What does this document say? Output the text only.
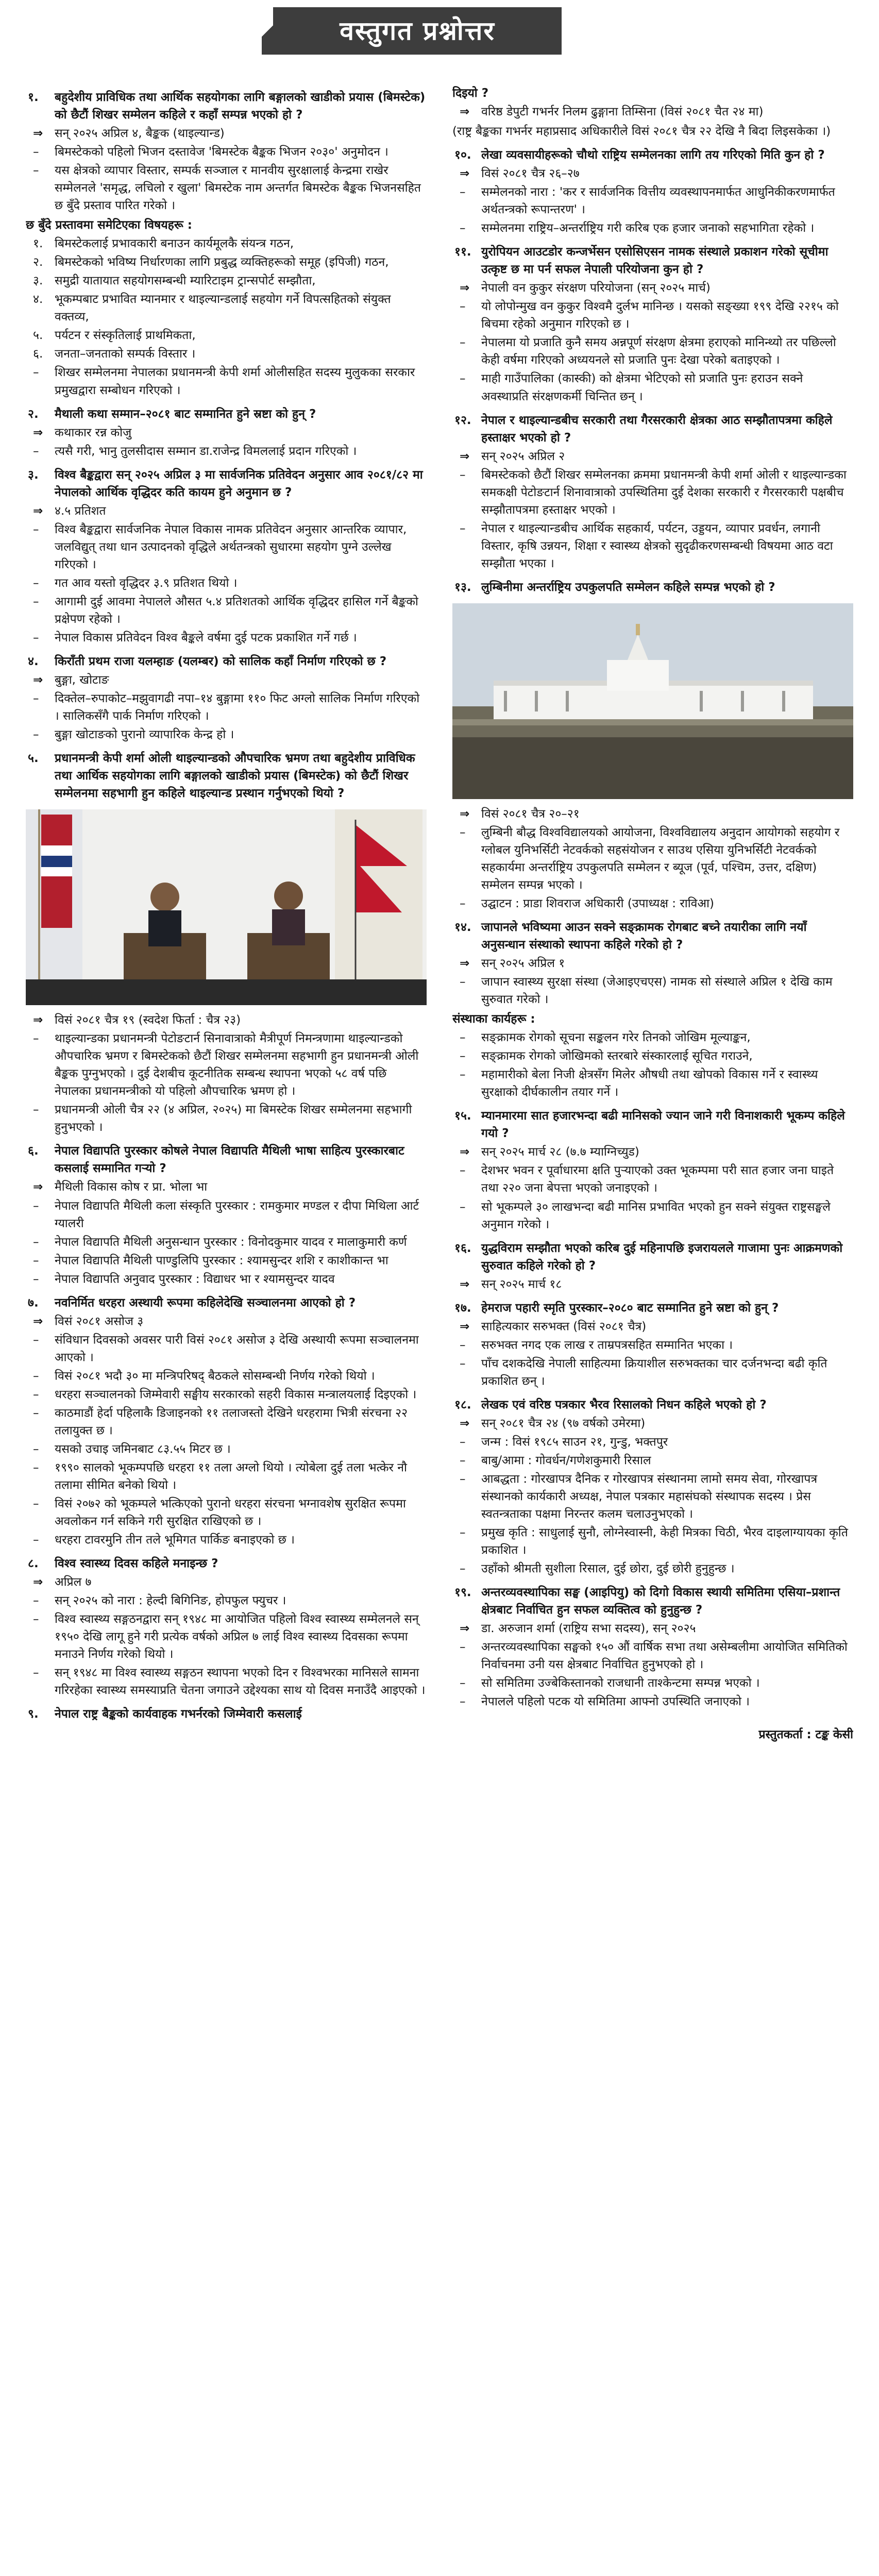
वस्तुगत प्रश्नोत्तर
१. बहुदेशीय प्राविधिक तथा आर्थिक सहयोगका लागि बङ्गालको खाडीको प्रयास (बिमस्टेक) को छैटौं शिखर सम्मेलन कहिले र कहाँ सम्पन्न भएको हो ?
⇒ सन् २०२५ अप्रिल ४, बैङ्कक (थाइल्यान्ड)
– बिमस्टेकको पहिलो भिजन दस्तावेज 'बिमस्टेक बैङ्कक भिजन २०३०' अनुमोदन ।
– यस क्षेत्रको व्यापार विस्तार, सम्पर्क सञ्जाल र मानवीय सुरक्षालाई केन्द्रमा राखेर सम्मेलनले 'समृद्ध, लचिलो र खुला' बिमस्टेक नाम अन्तर्गत बिमस्टेक बैङ्कक भिजनसहित छ बुँदे प्रस्ताव पारित गरेको ।
छ बुँदे प्रस्तावमा समेटिएका विषयहरू :
१. बिमस्टेकलाई प्रभावकारी बनाउन कार्यमूलकै संयन्त्र गठन,
२. बिमस्टेकको भविष्य निर्धारणका लागि प्रबुद्ध व्यक्तिहरूको समूह (इपिजी) गठन,
३. समुद्री यातायात सहयोगसम्बन्धी म्यारिटाइम ट्रान्सपोर्ट सम्झौता,
४. भूकम्पबाट प्रभावित म्यानमार र थाइल्यान्डलाई सहयोग गर्ने विपत्सहितको संयुक्त वक्तव्य,
५. पर्यटन र संस्कृतिलाई प्राथमिकता,
६. जनता–जनताको सम्पर्क विस्तार ।
– शिखर सम्मेलनमा नेपालका प्रधानमन्त्री केपी शर्मा ओलीसहित सदस्य मुलुकका सरकार प्रमुखद्वारा सम्बोधन गरिएको ।
२. मैथाली कथा सम्मान–२०८१ बाट सम्मानित हुने स्रष्टा को हुन् ?
⇒ कथाकार रन्न कोजु
– त्यसै गरी, भानु तुलसीदास सम्मान डा.राजेन्द्र विमललाई प्रदान गरिएको ।
३. विश्व बैङ्कद्वारा सन् २०२५ अप्रिल ३ मा सार्वजनिक प्रतिवेदन अनुसार आव २०८१/८२ मा नेपालको आर्थिक वृद्धिदर कति कायम हुने अनुमान छ ?
⇒ ४.५ प्रतिशत
– विश्व बैङ्कद्वारा सार्वजनिक नेपाल विकास नामक प्रतिवेदन अनुसार आन्तरिक व्यापार, जलविद्युत् तथा धान उत्पादनको वृद्धिले अर्थतन्त्रको सुधारमा सहयोग पुग्ने उल्लेख गरिएको ।
– गत आव यस्तो वृद्धिदर ३.९ प्रतिशत थियो ।
– आगामी दुई आवमा नेपालले औसत ५.४ प्रतिशतको आर्थिक वृद्धिदर हासिल गर्ने बैङ्कको प्रक्षेपण रहेको ।
– नेपाल विकास प्रतिवेदन विश्व बैङ्कले वर्षमा दुई पटक प्रकाशित गर्ने गर्छ ।
४. किराँती प्रथम राजा यलम्हाङ (यलम्बर) को सालिक कहाँ निर्माण गरिएको छ ?
⇒ बुङ्गा, खोटाङ
– दिक्तेल–रुपाकोट–मझुवागढी नपा–१४ बुङ्गामा ११० फिट अग्लो सालिक निर्माण गरिएको । सालिकसँगै पार्क निर्माण गरिएको ।
– बुङ्गा खोटाङको पुरानो व्यापारिक केन्द्र हो ।
५. प्रधानमन्त्री केपी शर्मा ओली थाइल्यान्डको औपचारिक भ्रमण तथा बहुदेशीय प्राविधिक तथा आर्थिक सहयोगका लागि बङ्गालको खाडीको प्रयास (बिमस्टेक) को छैटौं शिखर सम्मेलनमा सहभागी हुन कहिले थाइल्यान्ड प्रस्थान गर्नुभएको थियो ?
⇒ विसं २०८१ चैत्र १९ (स्वदेश फिर्ता : चैत्र २३)
– थाइल्यान्डका प्रधानमन्त्री पेटोङटार्न सिनावात्राको मैत्रीपूर्ण निमन्त्रणामा थाइल्यान्डको औपचारिक भ्रमण र बिमस्टेकको छैटौं शिखर सम्मेलनमा सहभागी हुन प्रधानमन्त्री ओली बैङ्कक पुग्नुभएको । दुई देशबीच कूटनीतिक सम्बन्ध स्थापना भएको ५८ वर्ष पछि नेपालका प्रधानमन्त्रीको यो पहिलो औपचारिक भ्रमण हो ।
– प्रधानमन्त्री ओली चैत्र २२ (४ अप्रिल, २०२५) मा बिमस्टेक शिखर सम्मेलनमा सहभागी हुनुभएको ।
६. नेपाल विद्यापति पुरस्कार कोषले नेपाल विद्यापति मैथिली भाषा साहित्य पुरस्कारबाट कसलाई सम्मानित गऱ्यो ?
⇒ मैथिली विकास कोष र प्रा. भोला भा
– नेपाल विद्यापति मैथिली कला संस्कृति पुरस्कार : रामकुमार मण्डल र दीपा मिथिला आर्ट ग्यालरी
– नेपाल विद्यापति मैथिली अनुसन्धान पुरस्कार : विनोदकुमार यादव र मालाकुमारी कर्ण
– नेपाल विद्यापति मैथिली पाण्डुलिपि पुरस्कार : श्यामसुन्दर शशि र काशीकान्त भा
– नेपाल विद्यापति अनुवाद पुरस्कार : विद्याधर भा र श्यामसुन्दर यादव
७. नवनिर्मित धरहरा अस्थायी रूपमा कहिलेदेखि सञ्चालनमा आएको हो ?
⇒ विसं २०८१ असोज ३
– संविधान दिवसको अवसर पारी विसं २०८१ असोज ३ देखि अस्थायी रूपमा सञ्चालनमा आएको ।
– विसं २०८१ भदौ ३० मा मन्त्रिपरिषद् बैठकले सोसम्बन्धी निर्णय गरेको थियो ।
– धरहरा सञ्चालनको जिम्मेवारी सङ्घीय सरकारको सहरी विकास मन्त्रालयलाई दिइएको ।
– काठमाडौं हेर्दा पहिलाकै डिजाइनको ११ तलाजस्तो देखिने धरहरामा भित्री संरचना २२ तलायुक्त छ ।
– यसको उचाइ जमिनबाट ८३.५५ मिटर छ ।
– १९९० सालको भूकम्पपछि धरहरा ११ तला अग्लो थियो । त्योबेला दुई तला भत्केर नौ तलामा सीमित बनेको थियो ।
– विसं २०७२ को भूकम्पले भत्किएको पुरानो धरहरा संरचना भग्नावशेष सुरक्षित रूपमा अवलोकन गर्न सकिने गरी सुरक्षित राखिएको छ ।
– धरहरा टावरमुनि तीन तले भूमिगत पार्किङ बनाइएको छ ।
८. विश्व स्वास्थ्य दिवस कहिले मनाइन्छ ?
⇒ अप्रिल ७
– सन् २०२५ को नारा : हेल्दी बिगिनिङ, होपफुल फ्युचर ।
– विश्व स्वास्थ्य सङ्गठनद्वारा सन् १९४८ मा आयोजित पहिलो विश्व स्वास्थ्य सम्मेलनले सन् १९५० देखि लागू हुने गरी प्रत्येक वर्षको अप्रिल ७ लाई विश्व स्वास्थ्य दिवसका रूपमा मनाउने निर्णय गरेको थियो ।
– सन् १९४८ मा विश्व स्वास्थ्य सङ्गठन स्थापना भएको दिन र विश्वभरका मानिसले सामना गरिरहेका स्वास्थ्य समस्याप्रति चेतना जगाउने उद्देश्यका साथ यो दिवस मनाउँदै आइएको ।
९. नेपाल राष्ट्र बैङ्कको कार्यवाहक गभर्नरको जिम्मेवारी कसलाई
दिइयो ?
⇒ वरिष्ठ डेपुटी गभर्नर निलम ढुङ्गाना तिम्सिना (विसं २०८१ चैत २४ मा)
(राष्ट्र बैङ्कका गभर्नर महाप्रसाद अधिकारीले विसं २०८१ चैत्र २२ देखि नै बिदा लिइसकेका ।)
१०. लेखा व्यवसायीहरूको चौथो राष्ट्रिय सम्मेलनका लागि तय गरिएको मिति कुन हो ?
⇒ विसं २०८१ चैत्र २६–२७
– सम्मेलनको नारा : 'कर र सार्वजनिक वित्तीय व्यवस्थापनमार्फत आधुनिकीकरणमार्फत अर्थतन्त्रको रूपान्तरण' ।
– सम्मेलनमा राष्ट्रिय–अन्तर्राष्ट्रिय गरी करिब एक हजार जनाको सहभागिता रहेको ।
११. युरोपियन आउटडोर कन्जर्भेसन एसोसिएसन नामक संस्थाले प्रकाशन गरेको सूचीमा उत्कृष्ट छ मा पर्न सफल नेपाली परियोजना कुन हो ?
⇒ नेपाली वन कुकुर संरक्षण परियोजना (सन् २०२५ मार्च)
– यो लोपोन्मुख वन कुकुर विश्वमै दुर्लभ मानिन्छ । यसको सङ्ख्या १९९ देखि २२१५ को बिचमा रहेको अनुमान गरिएको छ ।
– नेपालमा यो प्रजाति कुनै समय अन्नपूर्ण संरक्षण क्षेत्रमा हराएको मानिन्थ्यो तर पछिल्लो केही वर्षमा गरिएको अध्ययनले सो प्रजाति पुनः देखा परेको बताइएको ।
– माही गाउँपालिका (कास्की) को क्षेत्रमा भेटिएको सो प्रजाति पुनः हराउन सक्ने अवस्थाप्रति संरक्षणकर्मी चिन्तित छन् ।
१२. नेपाल र थाइल्यान्डबीच सरकारी तथा गैरसरकारी क्षेत्रका आठ सम्झौतापत्रमा कहिले हस्ताक्षर भएको हो ?
⇒ सन् २०२५ अप्रिल २
– बिमस्टेकको छैटौं शिखर सम्मेलनका क्रममा प्रधानमन्त्री केपी शर्मा ओली र थाइल्यान्डका समकक्षी पेटोङटार्न शिनावात्राको उपस्थितिमा दुई देशका सरकारी र गैरसरकारी पक्षबीच सम्झौतापत्रमा हस्ताक्षर भएको ।
– नेपाल र थाइल्यान्डबीच आर्थिक सहकार्य, पर्यटन, उड्डयन, व्यापार प्रवर्धन, लगानी विस्तार, कृषि उन्नयन, शिक्षा र स्वास्थ्य क्षेत्रको सुदृढीकरणसम्बन्धी विषयमा आठ वटा सम्झौता भएका ।
१३. लुम्बिनीमा अन्तर्राष्ट्रिय उपकुलपति सम्मेलन कहिले सम्पन्न भएको हो ?
⇒ विसं २०८१ चैत्र २०–२१
– लुम्बिनी बौद्ध विश्वविद्यालयको आयोजना, विश्वविद्यालय अनुदान आयोगको सहयोग र ग्लोबल युनिभर्सिटी नेटवर्कको सहसंयोजन र साउथ एसिया युनिभर्सिटी नेटवर्कको सहकार्यमा अन्तर्राष्ट्रिय उपकुलपति सम्मेलन र ब्यूज (पूर्व, पश्चिम, उत्तर, दक्षिण) सम्मेलन सम्पन्न भएको ।
– उद्घाटन : प्राडा शिवराज अधिकारी (उपाध्यक्ष : राविआ)
१४. जापानले भविष्यमा आउन सक्ने सङ्क्रामक रोगबाट बच्ने तयारीका लागि नयाँ अनुसन्धान संस्थाको स्थापना कहिले गरेको हो ?
⇒ सन् २०२५ अप्रिल १
– जापान स्वास्थ्य सुरक्षा संस्था (जेआइएचएस) नामक सो संस्थाले अप्रिल १ देखि काम सुरुवात गरेको ।
संस्थाका कार्यहरू :
– सङ्क्रामक रोगको सूचना सङ्कलन गरेर तिनको जोखिम मूल्याङ्कन,
– सङ्क्रामक रोगको जोखिमको स्तरबारे संस्कारलाई सूचित गराउने,
– महामारीको बेला निजी क्षेत्रसँग मिलेर औषधी तथा खोपको विकास गर्ने र स्वास्थ्य सुरक्षाको दीर्घकालीन तयार गर्ने ।
१५. म्यानमारमा सात हजारभन्दा बढी मानिसको ज्यान जाने गरी विनाशकारी भूकम्प कहिले गयो ?
⇒ सन् २०२५ मार्च २८ (७.७ म्याग्निच्युड)
– देशभर भवन र पूर्वाधारमा क्षति पुऱ्याएको उक्त भूकम्पमा परी सात हजार जना घाइते तथा २२० जना बेपत्ता भएको जनाइएको ।
– सो भूकम्पले ३० लाखभन्दा बढी मानिस प्रभावित भएको हुन सक्ने संयुक्त राष्ट्रसङ्घले अनुमान गरेको ।
१६. युद्धविराम सम्झौता भएको करिब दुई महिनापछि इजरायलले गाजामा पुनः आक्रमणको सुरुवात कहिले गरेको हो ?
⇒ सन् २०२५ मार्च १८
१७. हेमराज पहारी स्मृति पुरस्कार–२०८० बाट सम्मानित हुने स्रष्टा को हुन् ?
⇒ साहित्यकार सरुभक्त (विसं २०८१ चैत्र)
– सरुभक्त नगद एक लाख र ताम्रपत्रसहित सम्मानित भएका ।
– पाँच दशकदेखि नेपाली साहित्यमा क्रियाशील सरुभक्तका चार दर्जनभन्दा बढी कृति प्रकाशित छन् ।
१८. लेखक एवं वरिष्ठ पत्रकार भैरव रिसालको निधन कहिले भएको हो ?
⇒ सन् २०८१ चैत्र २४ (९७ वर्षको उमेरमा)
– जन्म : विसं १९८५ साउन २१, गुन्डु, भक्तपुर
– बाबु/आमा : गोवर्धन/गणेशकुमारी रिसाल
– आबद्धता : गोरखापत्र दैनिक र गोरखापत्र संस्थानमा लामो समय सेवा, गोरखापत्र संस्थानको कार्यकारी अध्यक्ष, नेपाल पत्रकार महासंघको संस्थापक सदस्य । प्रेस स्वतन्त्रताका पक्षमा निरन्तर कलम चलाउनुभएको ।
– प्रमुख कृति : साधुलाई सुनौ, लोग्नेस्वास्नी, केही मित्रका चिठी, भैरव दाइलाग्यायका कृति प्रकाशित ।
– उहाँको श्रीमती सुशीला रिसाल, दुई छोरा, दुई छोरी हुनुहुन्छ ।
१९. अन्तरव्यवस्थापिका सङ्घ (आइपियु) को दिगो विकास स्थायी समितिमा एसिया–प्रशान्त क्षेत्रबाट निर्वाचित हुन सफल व्यक्तित्व को हुनुहुन्छ ?
⇒ डा. अरुजान शर्मा (राष्ट्रिय सभा सदस्य), सन् २०२५
– अन्तरव्यवस्थापिका सङ्घको १५० औं वार्षिक सभा तथा असेम्बलीमा आयोजित समितिको निर्वाचनमा उनी यस क्षेत्रबाट निर्वाचित हुनुभएको हो ।
– सो समितिमा उज्बेकिस्तानको राजधानी ताश्केन्टमा सम्पन्न भएको ।
– नेपालले पहिलो पटक यो समितिमा आफ्नो उपस्थिति जनाएको ।
प्रस्तुतकर्ता : टङ्क केसी
